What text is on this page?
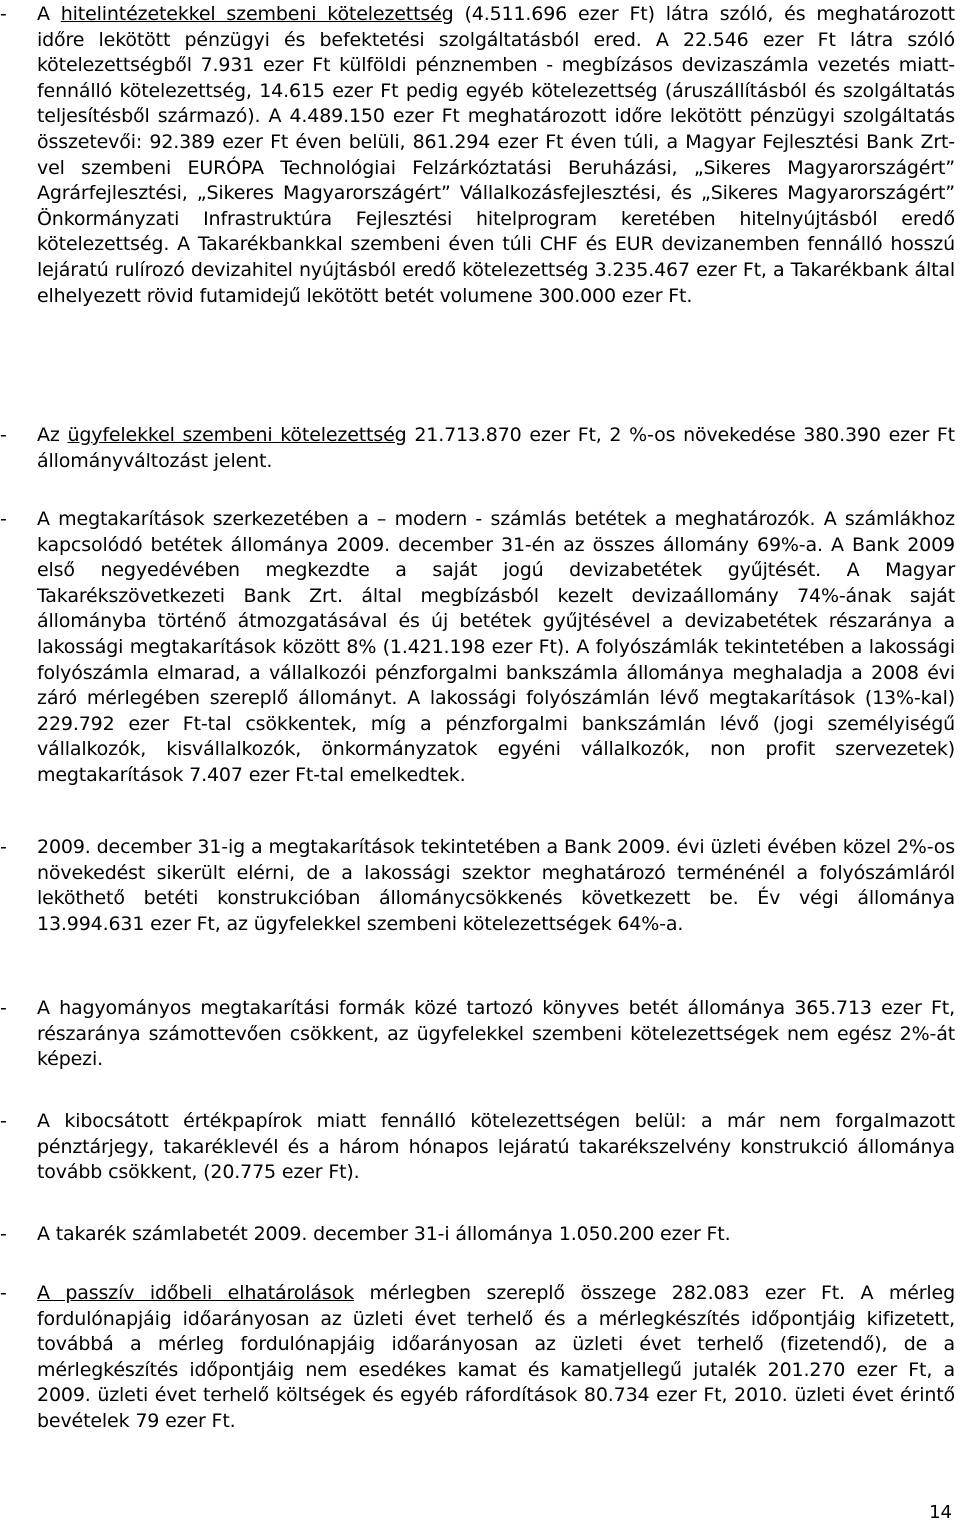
- A hitelintézetekkel szembeni kötelezettség (4.511.696 ezer Ft) látra szóló, és meghatározott időre lekötött pénzügyi és befektetési szolgáltatásból ered. A 22.546 ezer Ft látra szóló kötelezettségből 7.931 ezer Ft külföldi pénznemben - megbízásos devizaszámla vezetés miatt- fennálló kötelezettség, 14.615 ezer Ft pedig egyéb kötelezettség (áruszállításból és szolgáltatás teljesítésből származó). A 4.489.150 ezer Ft meghatározott időre lekötött pénzügyi szolgáltatás összetevői: 92.389 ezer Ft éven belüli, 861.294 ezer Ft éven túli, a Magyar Fejlesztési Bank Zrt-vel szembeni EURÓPA Technológiai Felzárkóztatási Beruházási, „Sikeres Magyarországért” Agrárfejlesztési, „Sikeres Magyarországért” Vállalkozásfejlesztési, és „Sikeres Magyarországért” Önkormányzati Infrastruktúra Fejlesztési hitelprogram keretében hitelnyújtásból eredő kötelezettség. A Takarékbankkal szembeni éven túli CHF és EUR devizanemben fennálló hosszú lejáratú rulírozó devizahitel nyújtásból eredő kötelezettség 3.235.467 ezer Ft, a Takarékbank által elhelyezett rövid futamidejű lekötött betét volumene 300.000 ezer Ft.
- Az ügyfelekkel szembeni kötelezettség 21.713.870 ezer Ft, 2 %-os növekedése 380.390 ezer Ft állományváltozást jelent.
- A megtakarítások szerkezetében a – modern - számlás betétek a meghatározók. A számlákhoz kapcsolódó betétek állománya 2009. december 31-én az összes állomány 69%-a. A Bank 2009 első negyedévében megkezdte a saját jogú devizabetétek gyűjtését. A Magyar Takarékszövetkezeti Bank Zrt. által megbízásból kezelt devizaállomány 74%-ának saját állományba történő átmozgatásával és új betétek gyűjtésével a devizabetétek részaránya a lakossági megtakarítások között 8% (1.421.198 ezer Ft). A folyószámlák tekintetében a lakossági folyószámla elmarad, a vállalkozói pénzforgalmi bankszámla állománya meghaladja a 2008 évi záró mérlegében szereplő állományt. A lakossági folyószámlán lévő megtakarítások (13%-kal) 229.792 ezer Ft-tal csökkentek, míg a pénzforgalmi bankszámlán lévő (jogi személyiségű vállalkozók, kisvállalkozók, önkormányzatok egyéni vállalkozók, non profit szervezetek) megtakarítások 7.407 ezer Ft-tal emelkedtek.
- 2009. december 31-ig a megtakarítások tekintetében a Bank 2009. évi üzleti évében közel 2%-os növekedést sikerült elérni, de a lakossági szektor meghatározó terménénél a folyószámláról leköthető betéti konstrukcióban állománycsökkenés következett be. Év végi állománya 13.994.631 ezer Ft, az ügyfelekkel szembeni kötelezettségek 64%-a.
- A hagyományos megtakarítási formák közé tartozó könyves betét állománya 365.713 ezer Ft, részaránya számottevően csökkent, az ügyfelekkel szembeni kötelezettségek nem egész 2%-át képezi.
- A kibocsátott értékpapírok miatt fennálló kötelezettségen belül: a már nem forgalmazott pénztárjegy, takaréklevél és a három hónapos lejáratú takarékszelvény konstrukció állománya tovább csökkent, (20.775 ezer Ft).
- A takarék számlabetét 2009. december 31-i állománya 1.050.200 ezer Ft.
- A passzív időbeli elhatárolások mérlegben szereplő összege 282.083 ezer Ft. A mérleg fordulónapjáig időarányosan az üzleti évet terhelő és a mérlegkészítés időpontjáig kifizetett, továbbá a mérleg fordulónapjáig időarányosan az üzleti évet terhelő (fizetendő), de a mérlegkészítés időpontjáig nem esedékes kamat és kamatjellegű jutalék 201.270 ezer Ft, a 2009. üzleti évet terhelő költségek és egyéb ráfordítások 80.734 ezer Ft, 2010. üzleti évet érintő bevételek 79 ezer Ft.
14
